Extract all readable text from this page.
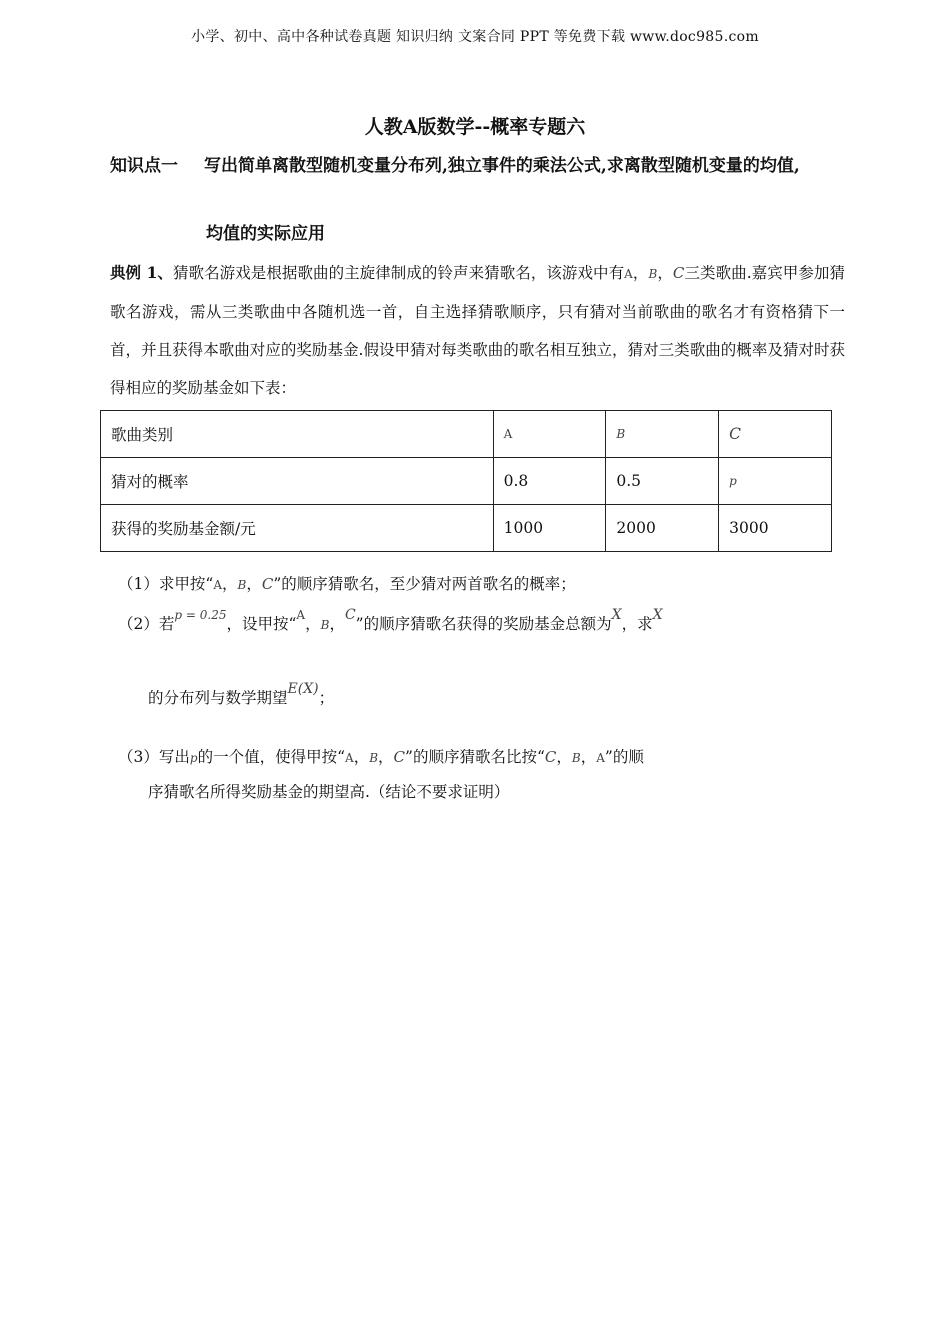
小学、初中、高中各种试卷真题 知识归纳 文案合同 PPT 等免费下载 www.doc985.com
人教A版数学--概率专题六
知识点一 写出简单离散型随机变量分布列,独立事件的乘法公式,求离散型随机变量的均值,
均值的实际应用
典例 1、猜歌名游戏是根据歌曲的主旋律制成的铃声来猜歌名，该游戏中有A，B，C三类歌曲.嘉宾甲参加猜歌名游戏，需从三类歌曲中各随机选一首，自主选择猜歌顺序，只有猜对当前歌曲的歌名才有资格猜下一首，并且获得本歌曲对应的奖励基金.假设甲猜对每类歌曲的歌名相互独立，猜对三类歌曲的概率及猜对时获得相应的奖励基金如下表：
歌曲类别	A	B	C
猜对的概率	0.8	0.5	p
获得的奖励基金额/元	1000	2000	3000
（1）求甲按“A，B，C”的顺序猜歌名，至少猜对两首歌名的概率；
（2）若$^{p = 0.25}$，设甲按“$^A$，B，C”的顺序猜歌名获得的奖励基金总额为X，求X
的分布列与数学期望E(X)；
（3）写出p的一个值，使得甲按“A，B，C”的顺序猜歌名比按“C，B，A”的顺
序猜歌名所得奖励基金的期望高.（结论不要求证明）
